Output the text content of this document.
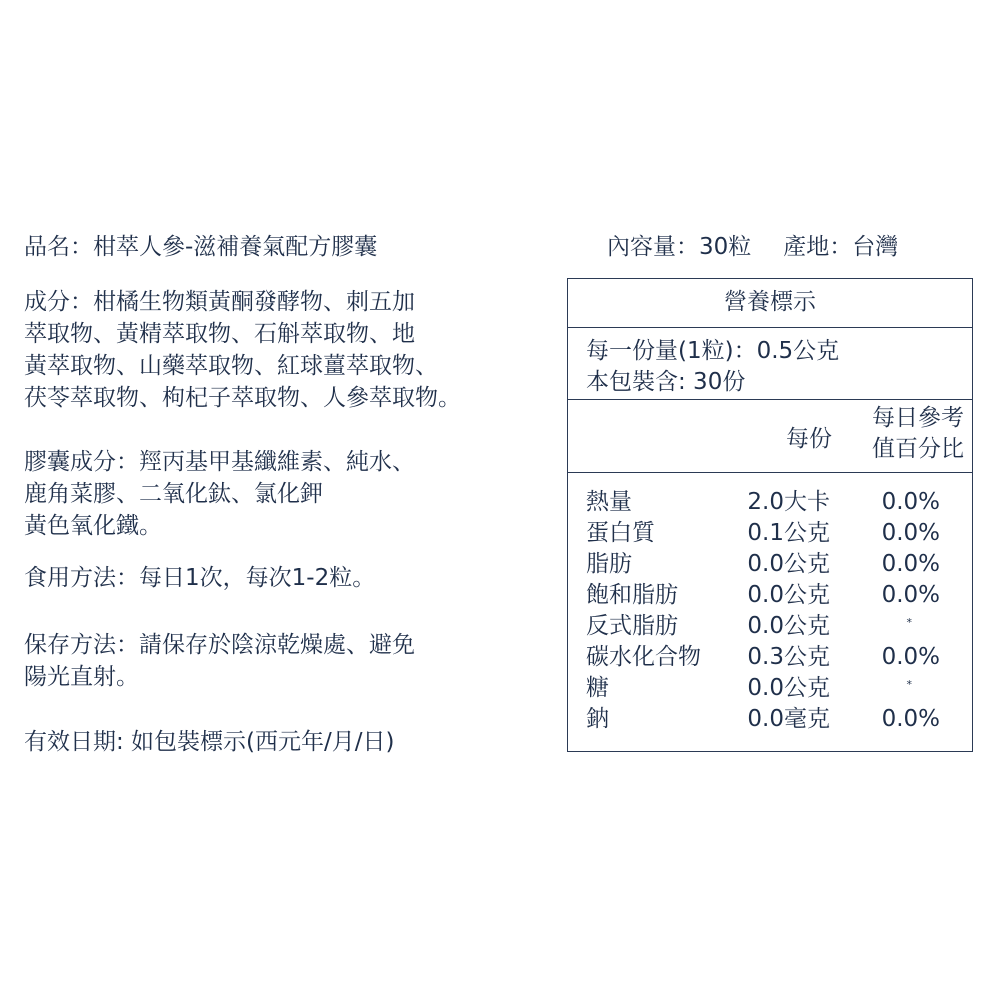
品名：柑萃人參-滋補養氣配方膠囊	內容量：30粒 產地：台灣
成分：柑橘生物類黃酮發酵物、刺五加
萃取物、黃精萃取物、石斛萃取物、地
黃萃取物、山藥萃取物、紅球薑萃取物、
茯苓萃取物、枸杞子萃取物、人參萃取物。
膠囊成分：羥丙基甲基纖維素、純水、
鹿角菜膠、二氧化鈦、氯化鉀
黃色氧化鐵。
食用方法：每日1次，每次1-2粒。
保存方法：請保存於陰涼乾燥處、避免
陽光直射。
有效日期: 如包裝標示(西元年/月/日)
營養標示
每一份量(1粒)：0.5公克
本包裝含: 30份
每份
每日參考
值百分比
熱量	2.0大卡 0.0%
蛋白質	0.1公克 0.0%
脂肪	0.0公克 0.0%
飽和脂肪	0.0公克 0.0%
反式脂肪	0.0公克	*
碳水化合物	0.3公克 0.0%
糖	0.0公克	*
鈉	0.0毫克 0.0%
